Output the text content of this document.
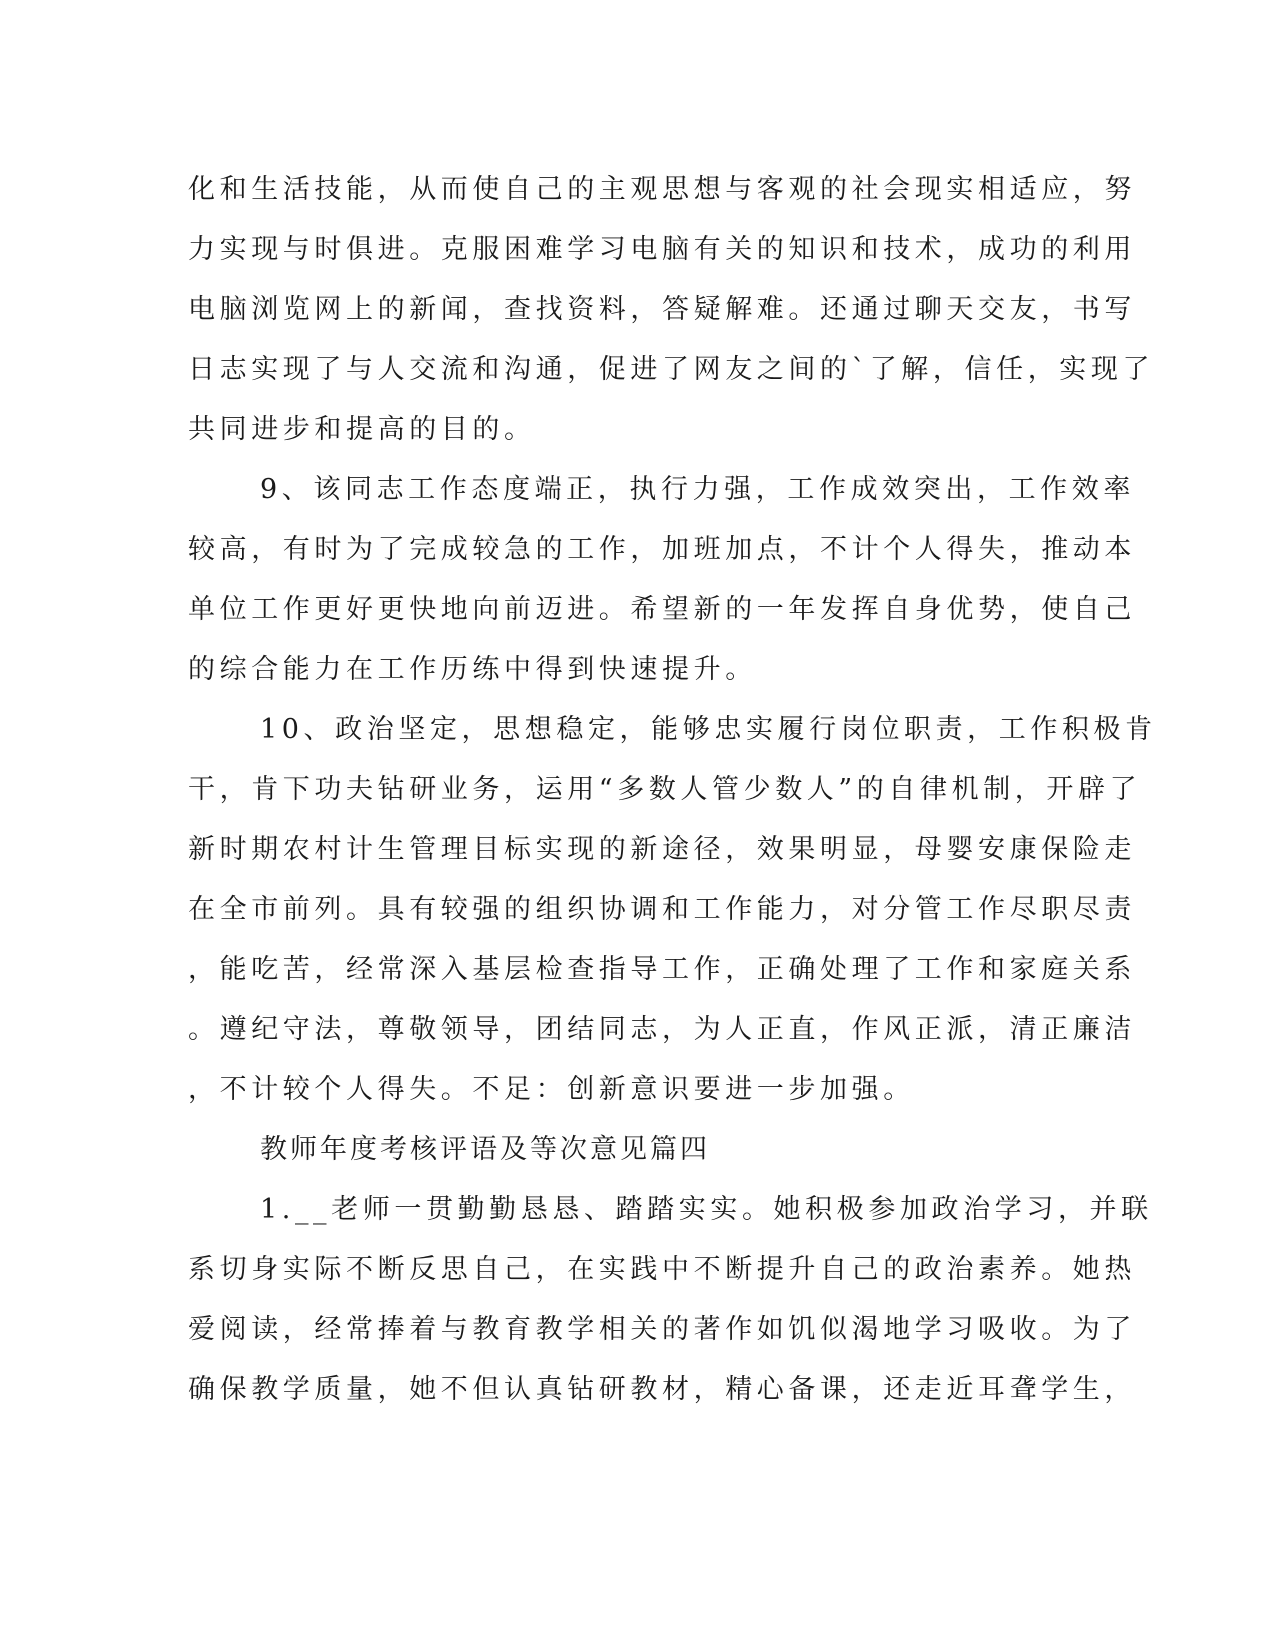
化和生活技能，从而使自己的主观思想与客观的社会现实相适应，努
力实现与时俱进。克服困难学习电脑有关的知识和技术，成功的利用
电脑浏览网上的新闻，查找资料，答疑解难。还通过聊天交友，书写
日志实现了与人交流和沟通，促进了网友之间的`了解，信任，实现了
共同进步和提高的目的。
9、该同志工作态度端正，执行力强，工作成效突出，工作效率
较高，有时为了完成较急的工作，加班加点，不计个人得失，推动本
单位工作更好更快地向前迈进。希望新的一年发挥自身优势，使自己
的综合能力在工作历练中得到快速提升。
10、政治坚定，思想稳定，能够忠实履行岗位职责，工作积极肯
干，肯下功夫钻研业务，运用“多数人管少数人”的自律机制，开辟了
新时期农村计生管理目标实现的新途径，效果明显，母婴安康保险走
在全市前列。具有较强的组织协调和工作能力，对分管工作尽职尽责
，能吃苦，经常深入基层检查指导工作，正确处理了工作和家庭关系
。遵纪守法，尊敬领导，团结同志，为人正直，作风正派，清正廉洁
，不计较个人得失。不足：创新意识要进一步加强。
教师年度考核评语及等次意见篇四
1.__老师一贯勤勤恳恳、踏踏实实。她积极参加政治学习，并联
系切身实际不断反思自己，在实践中不断提升自己的政治素养。她热
爱阅读，经常捧着与教育教学相关的著作如饥似渴地学习吸收。为了
确保教学质量，她不但认真钻研教材，精心备课，还走近耳聋学生，
